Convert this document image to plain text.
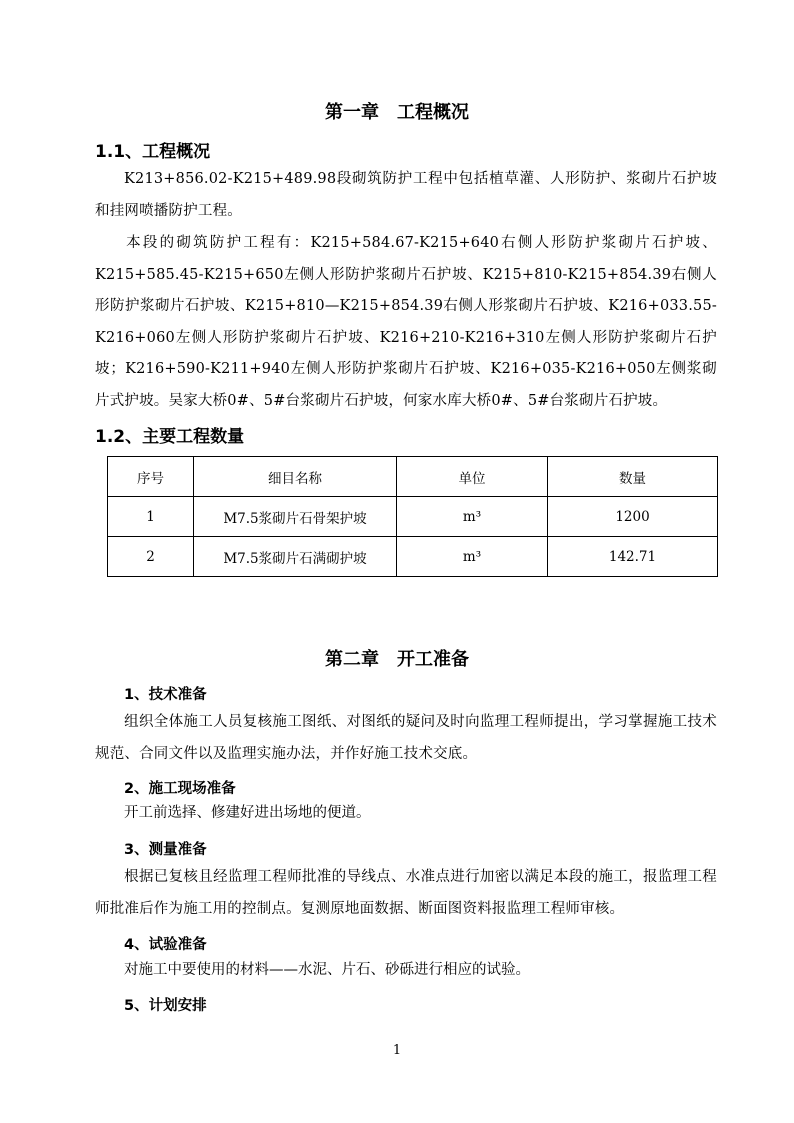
第一章　工程概况
1.1、工程概况

K213+856.02-K215+489.98段砌筑防护工程中包括植草灌、人形防护、浆砌片石护坡和挂网喷播防护工程。

本段的砌筑防护工程有：K215+584.67-K215+640右侧人形防护浆砌片石护坡、K215+585.45-K215+650左侧人形防护浆砌片石护坡、K215+810-K215+854.39右侧人形防护浆砌片石护坡、K215+810—K215+854.39右侧人形浆砌片石护坡、K216+033.55-K216+060左侧人形防护浆砌片石护坡、K216+210-K216+310左侧人形防护浆砌片石护坡；K216+590-K211+940左侧人形防护浆砌片石护坡、K216+035-K216+050左侧浆砌片式护坡。吴家大桥0#、5#台浆砌片石护坡，何家水库大桥0#、5#台浆砌片石护坡。

1.2、主要工程数量
序号	细目名称	单位	数量
1	M7.5浆砌片石骨架护坡	m³	1200
2	M7.5浆砌片石满砌护坡	m³	142.71
第二章　开工准备
1、技术准备

组织全体施工人员复核施工图纸、对图纸的疑问及时向监理工程师提出，学习掌握施工技术规范、合同文件以及监理实施办法，并作好施工技术交底。

2、施工现场准备

开工前选择、修建好进出场地的便道。

3、测量准备

根据已复核且经监理工程师批准的导线点、水准点进行加密以满足本段的施工，报监理工程师批准后作为施工用的控制点。复测原地面数据、断面图资料报监理工程师审核。

4、试验准备

对施工中要使用的材料——水泥、片石、砂砾进行相应的试验。

5、计划安排
1
